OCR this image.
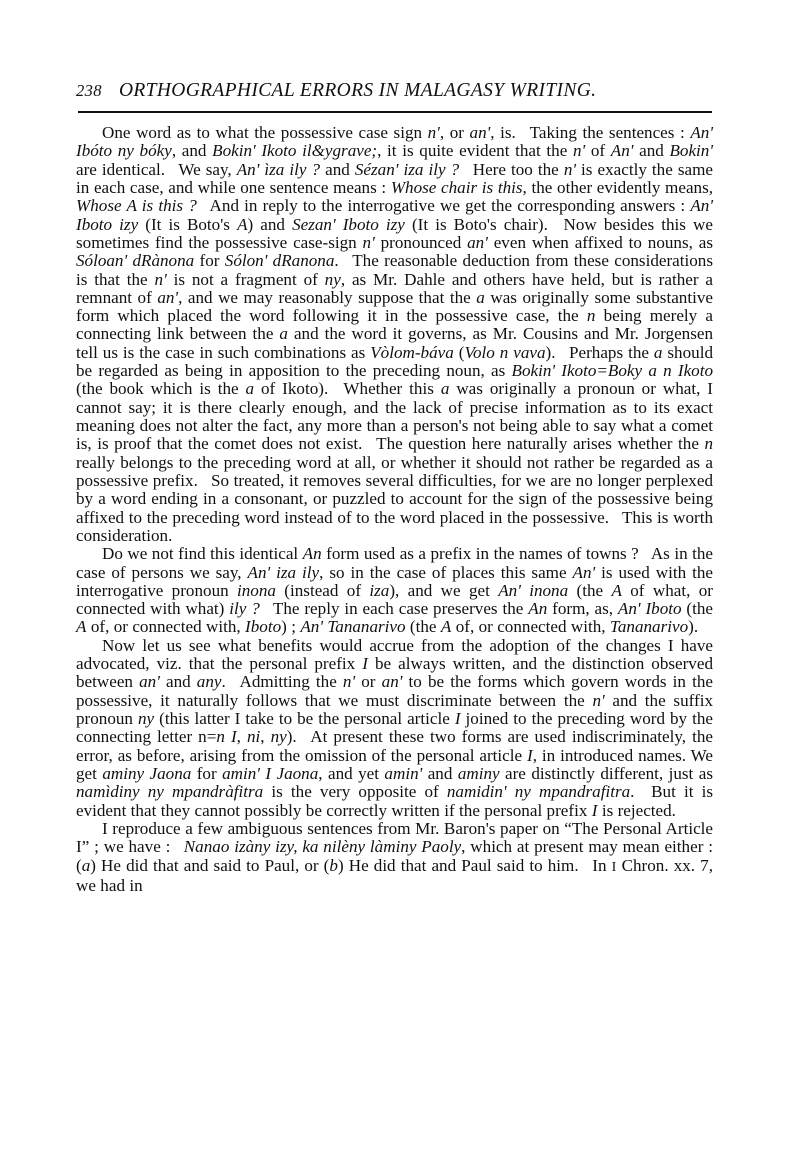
238 ORTHOGRAPHICAL ERRORS IN MALAGASY WRITING.

One word as to what the possessive case sign n', or an', is.  Taking the sentences : An' Ibóto ny bóky, and Bokin' Ikoto il&ygrave;, it is quite evident that the n' of An' and Bokin' are identical.  We say, An' ìza ily ? and Sézan' iza ily ?  Here too the n' is exactly the same in each case, and while one sentence means : Whose chair is this, the other evidently means, Whose A is this ?  And in reply to the interrogative we get the corresponding answers : An' Iboto izy (It is Boto's A) and Sezan' Iboto izy (It is Boto's chair).  Now besides this we sometimes find the possessive case-sign n' pronounced an' even when affixed to nouns, as Sóloan' dRànona for Sólon' dRanona.  The reasonable deduction from these considerations is that the n' is not a fragment of ny, as Mr. Dahle and others have held, but is rather a remnant of an', and we may reasonably suppose that the a was originally some substantive form which placed the word following it in the possessive case, the n being merely a connecting link between the a and the word it governs, as Mr. Cousins and Mr. Jorgensen tell us is the case in such combinations as Vòlom-báva (Volo n vava).  Perhaps the a should be regarded as being in apposition to the preceding noun, as Bokin' Ikoto=Boky a n Ikoto (the book which is the a of Ikoto).  Whether this a was originally a pronoun or what, I cannot say; it is there clearly enough, and the lack of precise information as to its exact meaning does not alter the fact, any more than a person's not being able to say what a comet is, is proof that the comet does not exist.  The question here naturally arises whether the n really belongs to the preceding word at all, or whether it should not rather be regarded as a possessive prefix.  So treated, it removes several difficulties, for we are no longer perplexed by a word ending in a consonant, or puzzled to account for the sign of the possessive being affixed to the preceding word instead of to the word placed in the possessive.  This is worth consideration.

Do we not find this identical An form used as a prefix in the names of towns ?  As in the case of persons we say, An' iza ily, so in the case of places this same An' is used with the interrogative pronoun inona (instead of iza), and we get An' inona (the A of what, or connected with what) ily ?  The reply in each case preserves the An form, as, An' Iboto (the A of, or connected with, Iboto) ; An' Tananarivo (the A of, or connected with, Tananarivo).

Now let us see what benefits would accrue from the adoption of the changes I have advocated, viz. that the personal prefix I be always written, and the distinction observed between an' and any.  Admitting the n' or an' to be the forms which govern words in the possessive, it naturally follows that we must discriminate between the n' and the suffix pronoun ny (this latter I take to be the personal article I joined to the preceding word by the connecting letter n=n I, ni, ny).  At present these two forms are used indiscriminately, the error, as before, arising from the omission of the personal article I, in introduced names. We get aminy Jaona for amin' I Jaona, and yet amin' and aminy are distinctly different, just as namìdiny ny mpandràfitra is the very opposite of namidin' ny mpandrafitra.  But it is evident that they cannot possibly be correctly written if the personal prefix I is rejected.

I reproduce a few ambiguous sentences from Mr. Baron's paper on “The Personal Article I” ; we have :  Nanao izàny izy, ka nilèny làminy Paoly, which at present may mean either : (a) He did that and said to Paul, or (b) He did that and Paul said to him.  In I Chron. xx. 7, we had in
